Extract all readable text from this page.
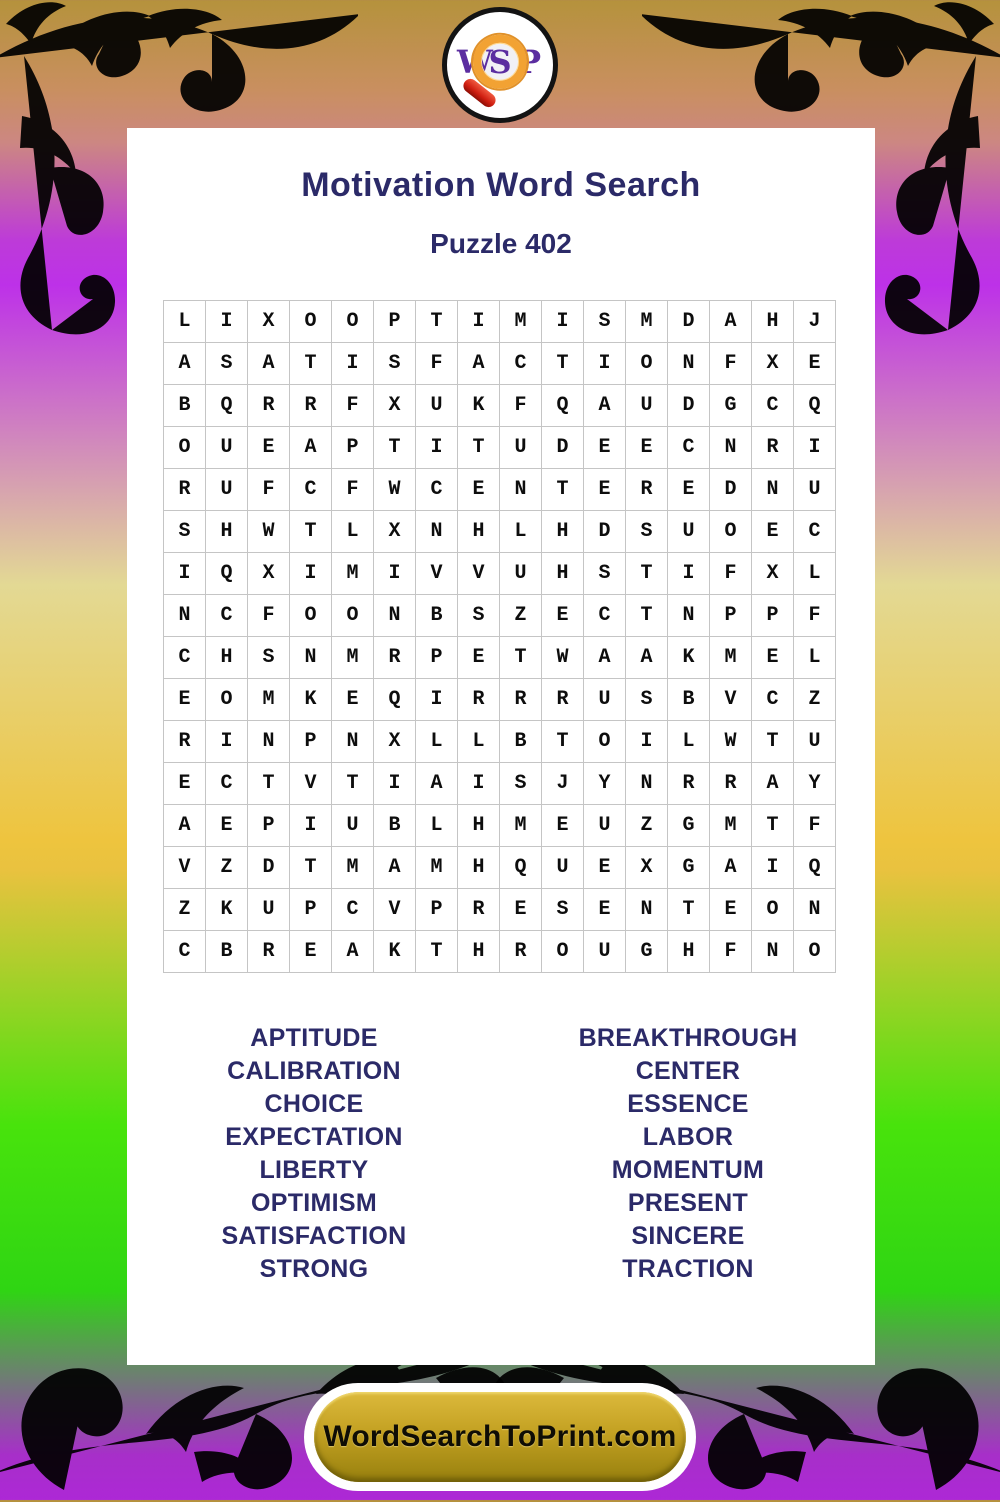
W
S P
Motivation Word Search
Puzzle 402
L	I	X	O	O	P	T	I	M	I	S	M	D	A	H	J
A	S	A	T	I	S	F	A	C	T	I	O	N	F	X	E
B	Q	R	R	F	X	U	K	F	Q	A	U	D	G	C	Q
O	U	E	A	P	T	I	T	U	D	E	E	C	N	R	I
R	U	F	C	F	W	C	E	N	T	E	R	E	D	N	U
S	H	W	T	L	X	N	H	L	H	D	S	U	O	E	C
I	Q	X	I	M	I	V	V	U	H	S	T	I	F	X	L
N	C	F	O	O	N	B	S	Z	E	C	T	N	P	P	F
C	H	S	N	M	R	P	E	T	W	A	A	K	M	E	L
E	O	M	K	E	Q	I	R	R	R	U	S	B	V	C	Z
R	I	N	P	N	X	L	L	B	T	O	I	L	W	T	U
E	C	T	V	T	I	A	I	S	J	Y	N	R	R	A	Y
A	E	P	I	U	B	L	H	M	E	U	Z	G	M	T	F
V	Z	D	T	M	A	M	H	Q	U	E	X	G	A	I	Q
Z	K	U	P	C	V	P	R	E	S	E	N	T	E	O	N
C	B	R	E	A	K	T	H	R	O	U	G	H	F	N	O
APTITUDE
CALIBRATION
CHOICE
EXPECTATION
LIBERTY
OPTIMISM
SATISFACTION
STRONG
BREAKTHROUGH
CENTER
ESSENCE
LABOR
MOMENTUM
PRESENT
SINCERE
TRACTION
WordSearchToPrint.com
